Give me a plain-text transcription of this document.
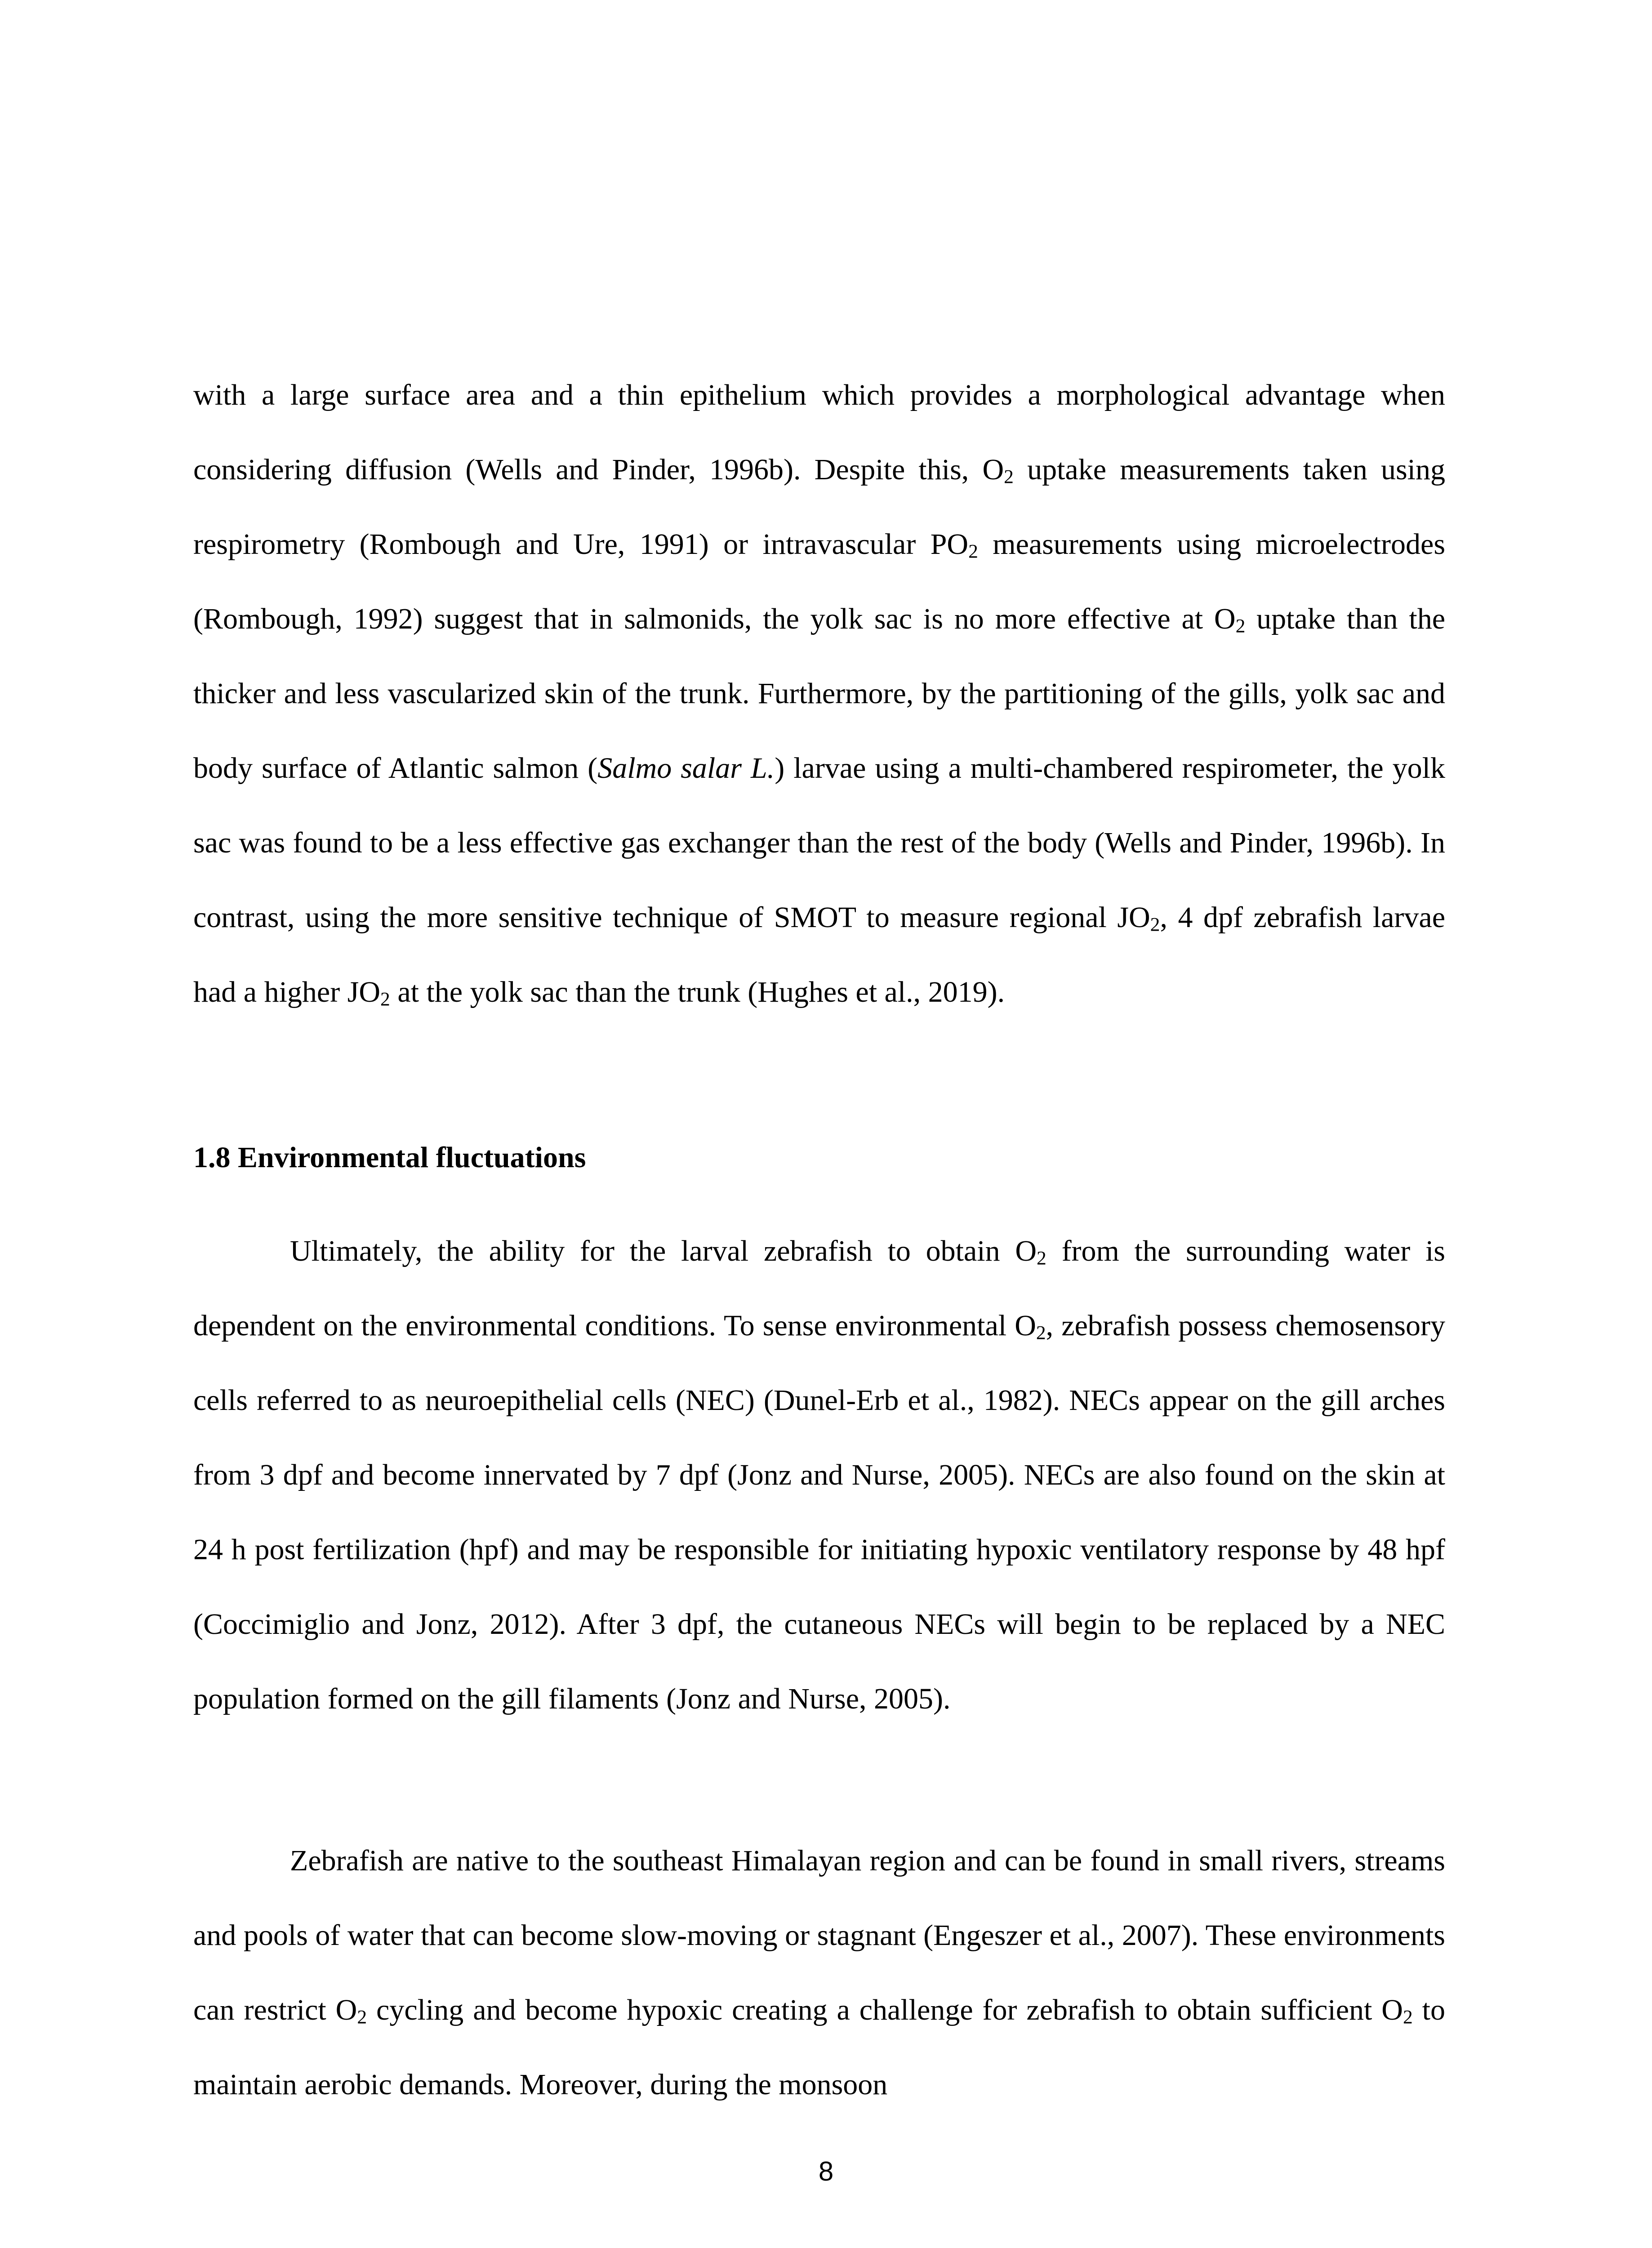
with a large surface area and a thin epithelium which provides a morphological advantage when considering diffusion (Wells and Pinder, 1996b). Despite this, $O_2$ uptake measurements taken using respirometry (Rombough and Ure, 1991) or intravascular $PO_2$ measurements using microelectrodes (Rombough, 1992) suggest that in salmonids, the yolk sac is no more effective at $O_2$ uptake than the thicker and less vascularized skin of the trunk. Furthermore, by the partitioning of the gills, yolk sac and body surface of Atlantic salmon (Salmo salar L.) larvae using a multi-chambered respirometer, the yolk sac was found to be a less effective gas exchanger than the rest of the body (Wells and Pinder, 1996b). In contrast, using the more sensitive technique of SMOT to measure regional $JO_2$, 4 dpf zebrafish larvae had a higher $JO_2$ at the yolk sac than the trunk (Hughes et al., 2019).

1.8 Environmental fluctuations

Ultimately, the ability for the larval zebrafish to obtain $O_2$ from the surrounding water is dependent on the environmental conditions. To sense environmental $O_2$, zebrafish possess chemosensory cells referred to as neuroepithelial cells (NEC) (Dunel-Erb et al., 1982). NECs appear on the gill arches from 3 dpf and become innervated by 7 dpf (Jonz and Nurse, 2005). NECs are also found on the skin at 24 h post fertilization (hpf) and may be responsible for initiating hypoxic ventilatory response by 48 hpf (Coccimiglio and Jonz, 2012). After 3 dpf, the cutaneous NECs will begin to be replaced by a NEC population formed on the gill filaments (Jonz and Nurse, 2005).

Zebrafish are native to the southeast Himalayan region and can be found in small rivers, streams and pools of water that can become slow-moving or stagnant (Engeszer et al., 2007). These environments can restrict $O_2$ cycling and become hypoxic creating a challenge for zebrafish to obtain sufficient $O_2$ to maintain aerobic demands. Moreover, during the monsoon

8
